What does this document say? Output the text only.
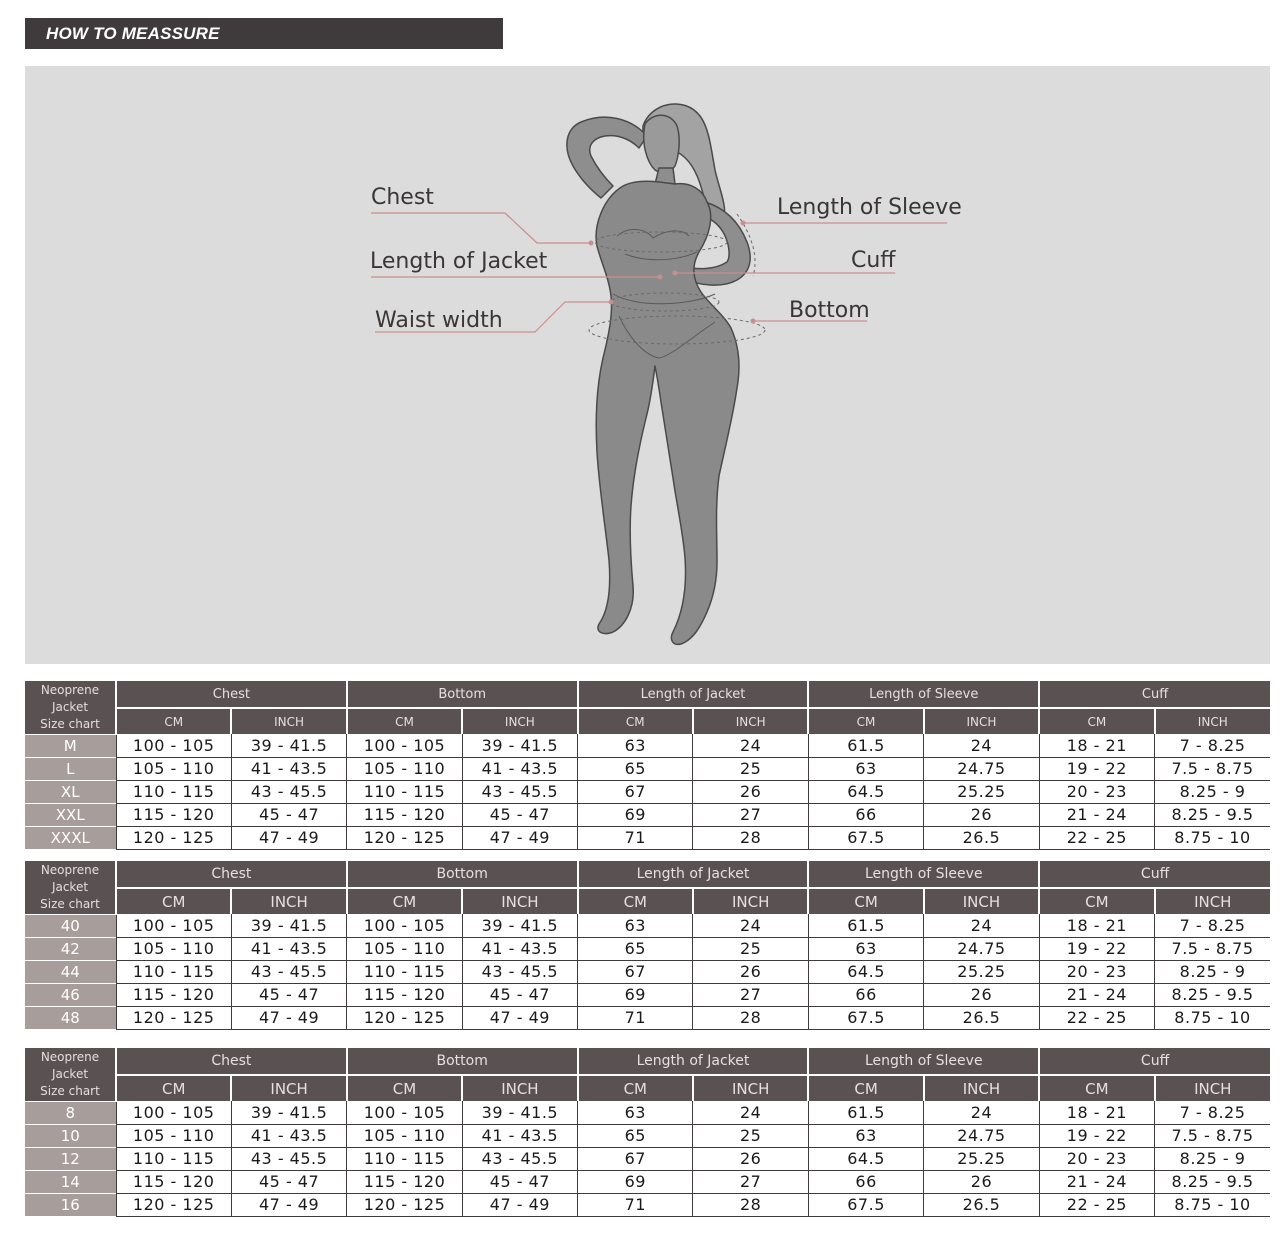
HOW TO MEASSURE
Chest
Length of Jacket
Waist width
Length of Sleeve
Cuff
Bottom
Neoprene
Jacket
Size chart	Chest		Bottom		Length of Jacket		Length of Sleeve		Cuff	
	CM	INCH	CM	INCH	CM	INCH	CM	INCH	CM	INCH
M	100 - 105	39 - 41.5	100 - 105	39 - 41.5	63	24	61.5	24	18 - 21	7 - 8.25
L	105 - 110	41 - 43.5	105 - 110	41 - 43.5	65	25	63	24.75	19 - 22	7.5 - 8.75
XL	110 - 115	43 - 45.5	110 - 115	43 - 45.5	67	26	64.5	25.25	20 - 23	8.25 - 9
XXL	115 - 120	45 - 47	115 - 120	45 - 47	69	27	66	26	21 - 24	8.25 - 9.5
XXXL	120 - 125	47 - 49	120 - 125	47 - 49	71	28	67.5	26.5	22 - 25	8.75 - 10
Neoprene
Jacket
Size chart	Chest		Bottom		Length of Jacket		Length of Sleeve		Cuff	
	CM	INCH	CM	INCH	CM	INCH	CM	INCH	CM	INCH
40	100 - 105	39 - 41.5	100 - 105	39 - 41.5	63	24	61.5	24	18 - 21	7 - 8.25
42	105 - 110	41 - 43.5	105 - 110	41 - 43.5	65	25	63	24.75	19 - 22	7.5 - 8.75
44	110 - 115	43 - 45.5	110 - 115	43 - 45.5	67	26	64.5	25.25	20 - 23	8.25 - 9
46	115 - 120	45 - 47	115 - 120	45 - 47	69	27	66	26	21 - 24	8.25 - 9.5
48	120 - 125	47 - 49	120 - 125	47 - 49	71	28	67.5	26.5	22 - 25	8.75 - 10
Neoprene
Jacket
Size chart	Chest		Bottom		Length of Jacket		Length of Sleeve		Cuff	
	CM	INCH	CM	INCH	CM	INCH	CM	INCH	CM	INCH
8	100 - 105	39 - 41.5	100 - 105	39 - 41.5	63	24	61.5	24	18 - 21	7 - 8.25
10	105 - 110	41 - 43.5	105 - 110	41 - 43.5	65	25	63	24.75	19 - 22	7.5 - 8.75
12	110 - 115	43 - 45.5	110 - 115	43 - 45.5	67	26	64.5	25.25	20 - 23	8.25 - 9
14	115 - 120	45 - 47	115 - 120	45 - 47	69	27	66	26	21 - 24	8.25 - 9.5
16	120 - 125	47 - 49	120 - 125	47 - 49	71	28	67.5	26.5	22 - 25	8.75 - 10
